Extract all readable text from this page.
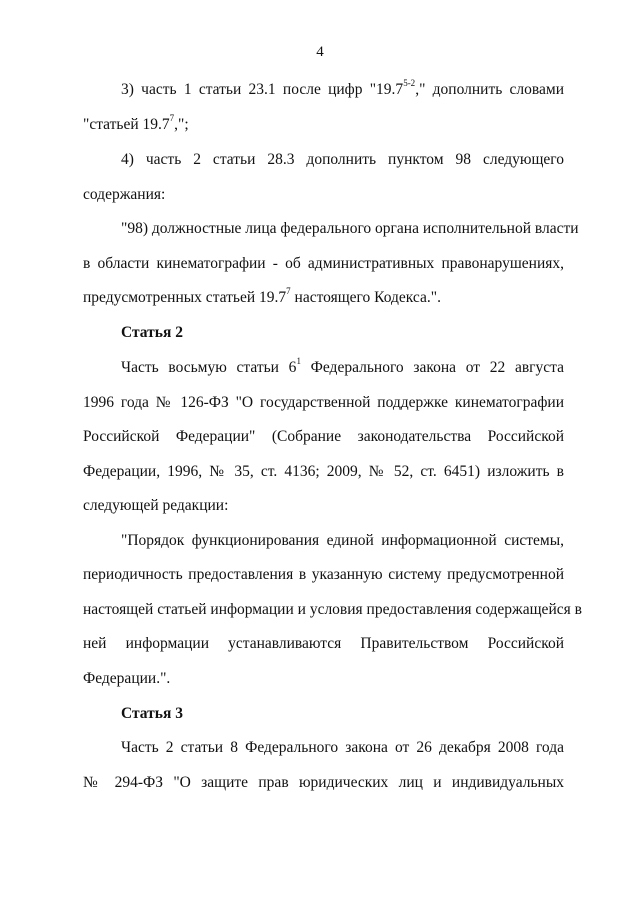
4
3) часть 1 статьи 23.1 после цифр "19.7$^{5-2}$," дополнить словами
"статьей 19.7$^7$,";
4) часть 2 статьи 28.3 дополнить пунктом 98 следующего
содержания:
"98) должностные лица федерального органа исполнительной власти
в области кинематографии - об административных правонарушениях,
предусмотренных статьей 19.7$^7$ настоящего Кодекса.".
Статья 2
Часть восьмую статьи $6^1$ Федерального закона от 22 августа
1996 года № 126-ФЗ "О государственной поддержке кинематографии
Российской Федерации" (Собрание законодательства Российской
Федерации, 1996, № 35, ст. 4136; 2009, № 52, ст. 6451) изложить в
следующей редакции:
"Порядок функционирования единой информационной системы,
периодичность предоставления в указанную систему предусмотренной
настоящей статьей информации и условия предоставления содержащейся в
ней информации устанавливаются Правительством Российской
Федерации.".
Статья 3
Часть 2 статьи 8 Федерального закона от 26 декабря 2008 года
№ 294-ФЗ "О защите прав юридических лиц и индивидуальных
